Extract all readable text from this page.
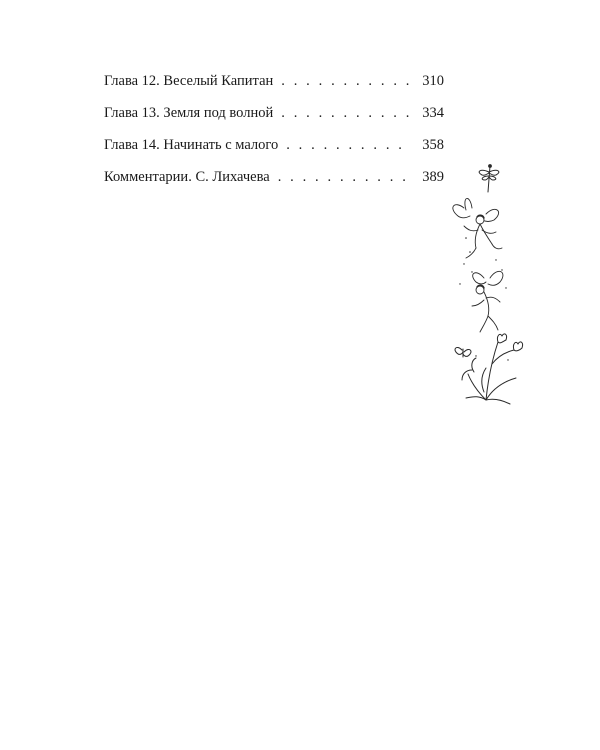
Глава 12. Веселый Капитан . . .	310
Глава 13. Земля под волной . . .	334
Глава 14. Начинать с малого . . .	358
Комментарии. С. Лихачева . . .	389
